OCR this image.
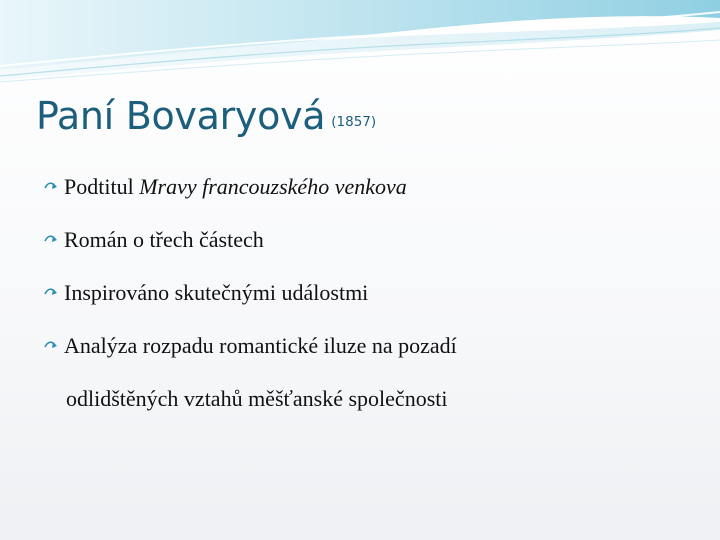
Paní Bovaryová (1857)
Podtitul Mravy francouzského venkova
Román o třech částech
Inspirováno skutečnými událostmi
Analýza rozpadu romantické iluze na pozadí
odlidštěných vztahů měšťanské společnosti
